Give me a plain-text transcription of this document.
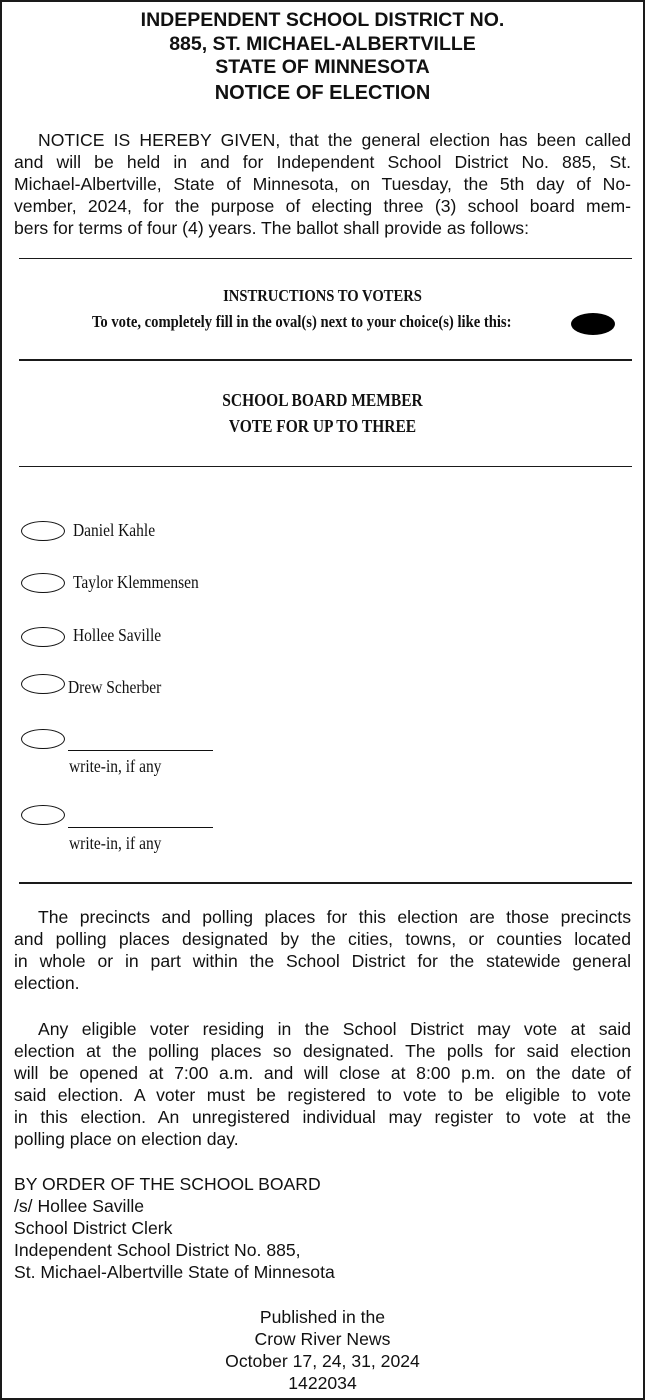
INDEPENDENT SCHOOL DISTRICT NO.
885, ST. MICHAEL-ALBERTVILLE
STATE OF MINNESOTA
NOTICE OF ELECTION
NOTICE IS HEREBY GIVEN, that the general election has been called
and will be held in and for Independent School District No. 885, St.
Michael-Albertville, State of Minnesota, on Tuesday, the 5th day of No-
vember, 2024, for the purpose of electing three (3) school board mem-
bers for terms of four (4) years. The ballot shall provide as follows:
INSTRUCTIONS TO VOTERS
To vote, completely fill in the oval(s) next to your choice(s) like this:
SCHOOL BOARD MEMBER
VOTE FOR UP TO THREE
Daniel Kahle
Taylor Klemmensen
Hollee Saville
Drew Scherber
write-in, if any
write-in, if any
The precincts and polling places for this election are those precincts
and polling places designated by the cities, towns, or counties located
in whole or in part within the School District for the statewide general
election.
Any eligible voter residing in the School District may vote at said
election at the polling places so designated. The polls for said election
will be opened at 7:00 a.m. and will close at 8:00 p.m. on the date of
said election. A voter must be registered to vote to be eligible to vote
in this election. An unregistered individual may register to vote at the
polling place on election day.
BY ORDER OF THE SCHOOL BOARD
/s/ Hollee Saville
School District Clerk
Independent School District No. 885,
St. Michael-Albertville State of Minnesota
Published in the
Crow River News
October 17, 24, 31, 2024
1422034
